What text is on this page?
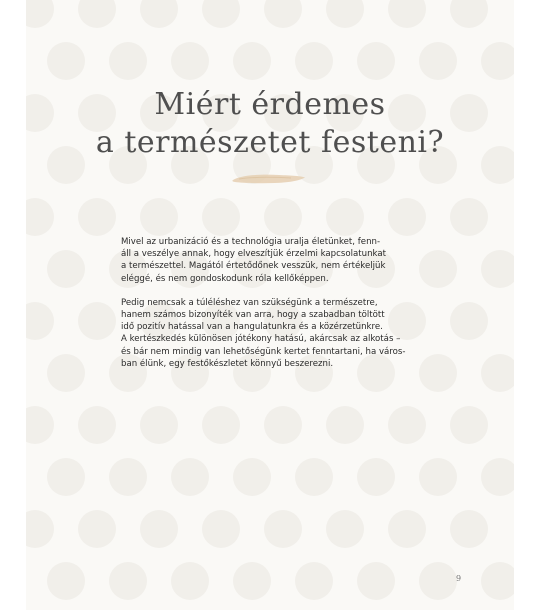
Miért érdemes
a természetet festeni?

Mivel az urbanizáció és a technológia uralja életünket, fenn-
áll a veszélye annak, hogy elveszítjük érzelmi kapcsolatunkat
a természettel. Magától értetődőnek vesszük, nem értékeljük
eléggé, és nem gondoskodunk róla kellőképpen.

Pedig nemcsak a túléléshez van szükségünk a természetre,
hanem számos bizonyíték van arra, hogy a szabadban töltött
idő pozitív hatással van a hangulatunkra és a közérzetünkre.
A kertészkedés különösen jótékony hatású, akárcsak az alkotás –
és bár nem mindig van lehetőségünk kertet fenntartani, ha város-
ban élünk, egy festőkészletet könnyű beszerezni.

9
